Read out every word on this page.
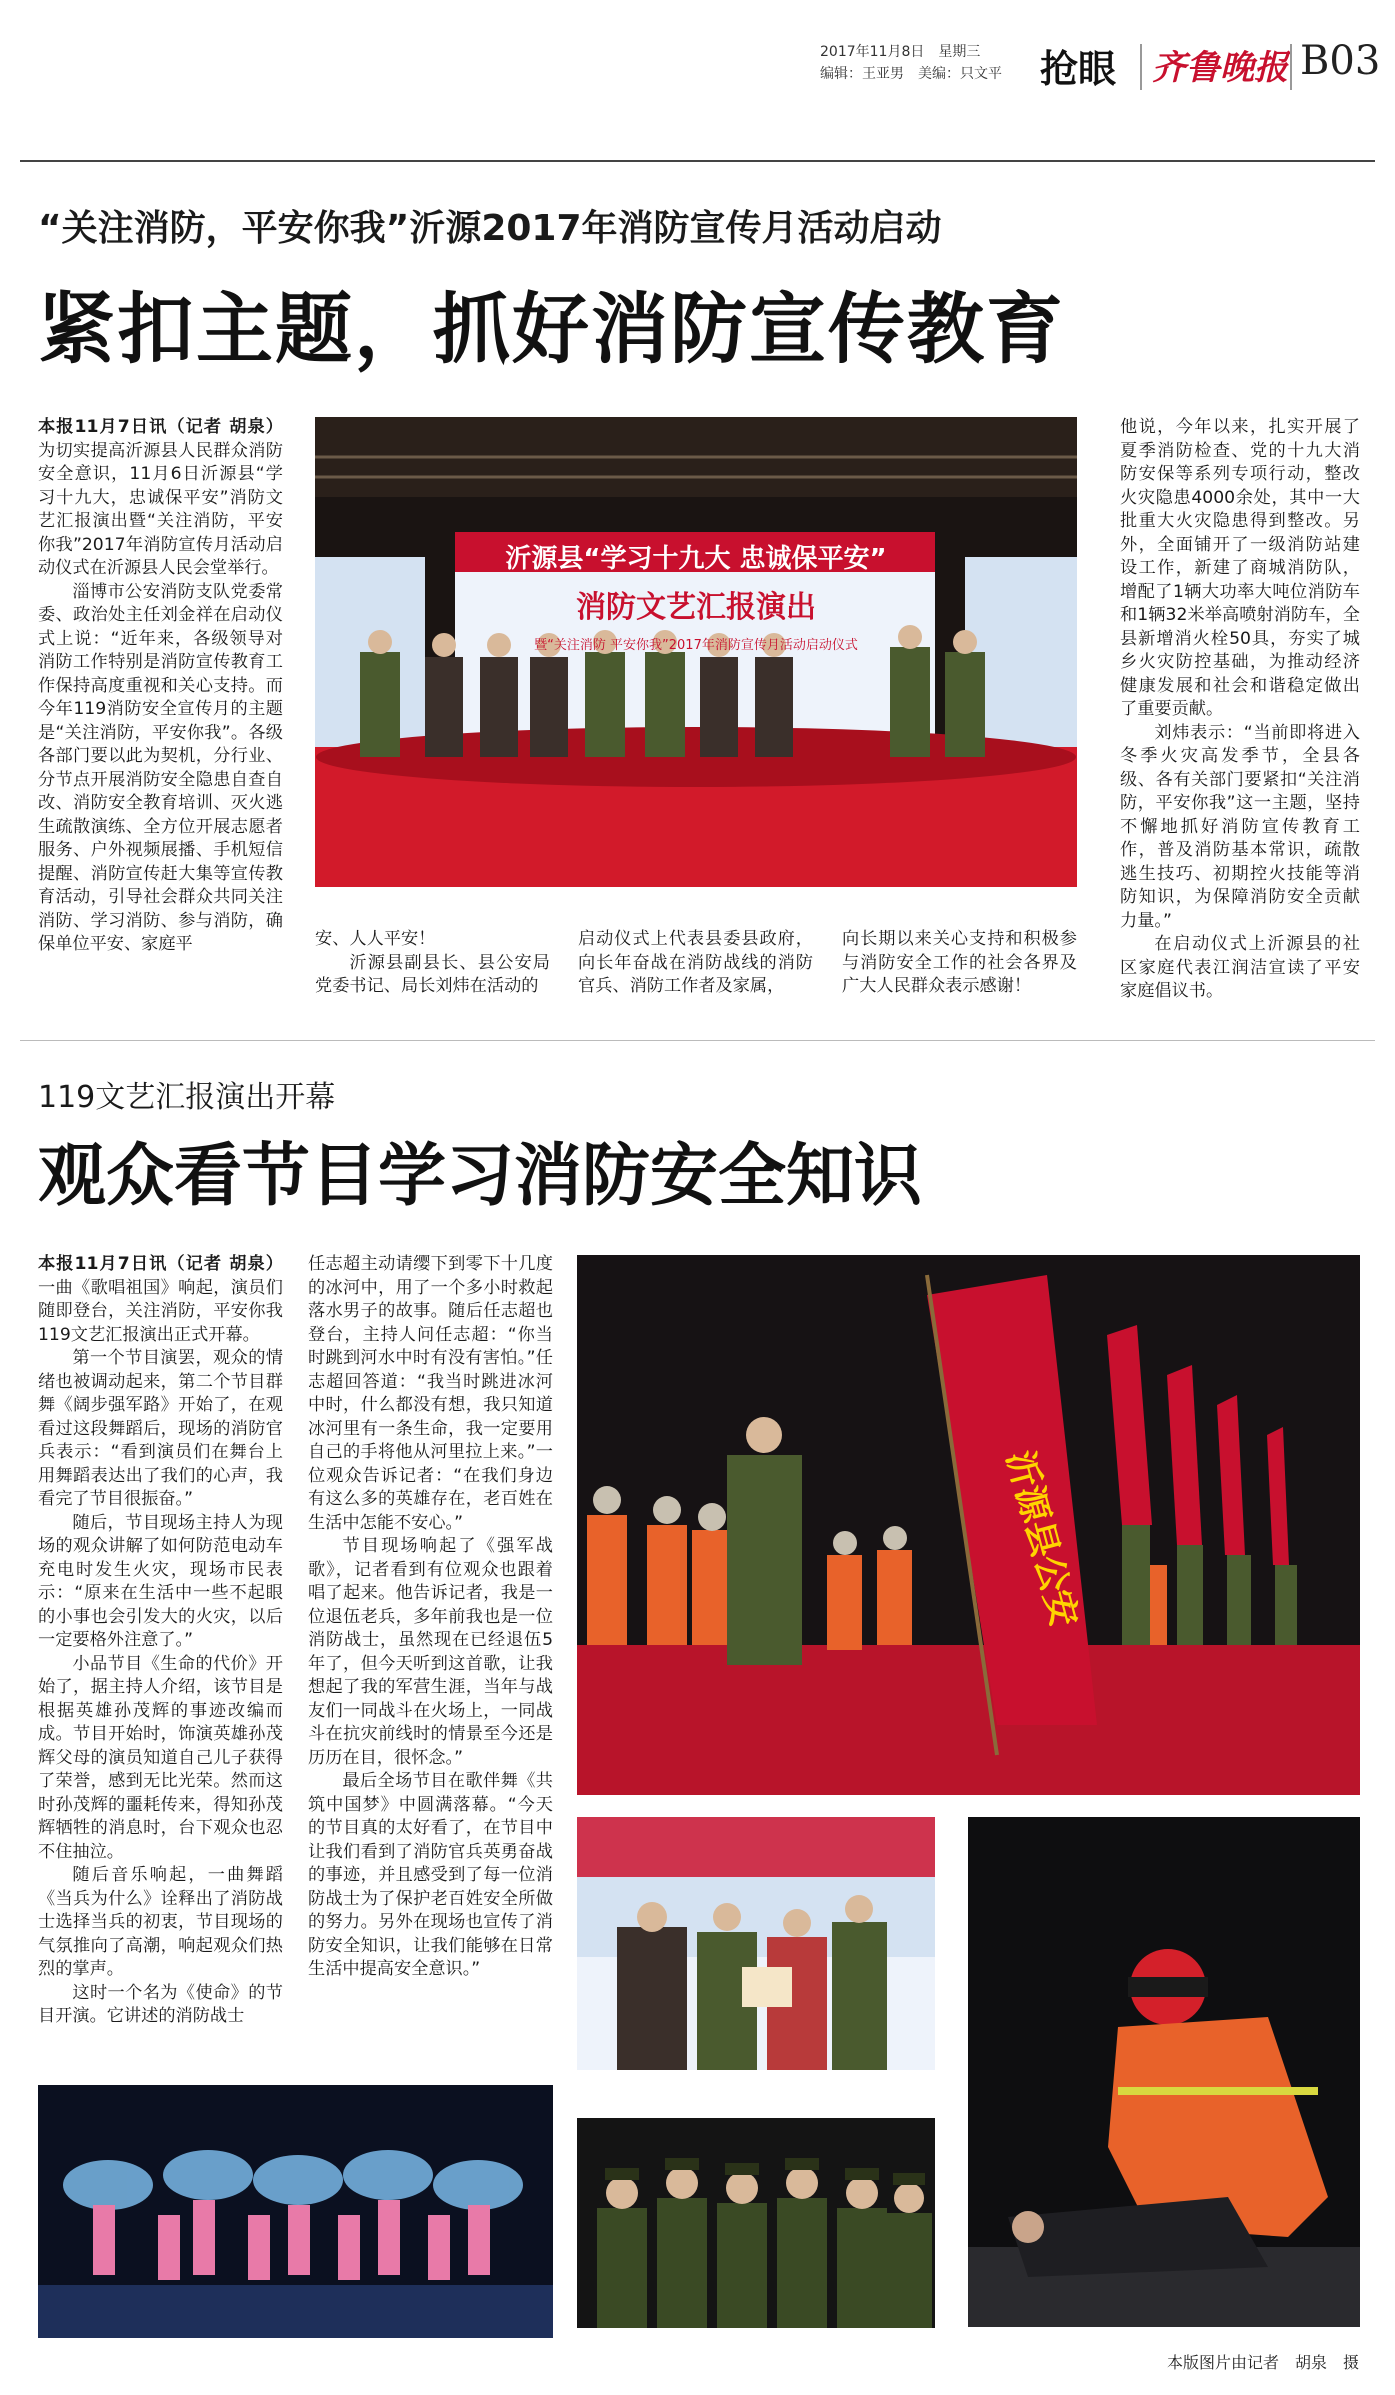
2017年11月8日　星期三
编辑：王亚男　美编：只文平 抢眼 齐鲁晚报 B03
“关注消防，平安你我”沂源2017年消防宣传月活动启动
紧扣主题，抓好消防宣传教育

本报11月7日讯（记者 胡泉）为切实提高沂源县人民群众消防安全意识，11月6日沂源县“学习十九大，忠诚保平安”消防文艺汇报演出暨“关注消防，平安你我”2017年消防宣传月活动启动仪式在沂源县人民会堂举行。

淄博市公安消防支队党委常委、政治处主任刘金祥在启动仪式上说：“近年来，各级领导对消防工作特别是消防宣传教育工作保持高度重视和关心支持。而今年119消防安全宣传月的主题是“关注消防，平安你我”。各级各部门要以此为契机，分行业、分节点开展消防安全隐患自查自改、消防安全教育培训、灭火逃生疏散演练、全方位开展志愿者服务、户外视频展播、手机短信提醒、消防宣传赶大集等宣传教育活动，引导社会群众共同关注消防、学习消防、参与消防，确保单位平安、家庭平

沂源县“学习十九大 忠诚保平安”
消防文艺汇报演出
暨“关注消防 平安你我”2017年消防宣传月活动启动仪式

安、人人平安！

沂源县副县长、县公安局党委书记、局长刘炜在活动的

启动仪式上代表县委县政府，向长年奋战在消防战线的消防官兵、消防工作者及家属，

向长期以来关心支持和积极参与消防安全工作的社会各界及广大人民群众表示感谢！

他说，今年以来，扎实开展了夏季消防检查、党的十九大消防安保等系列专项行动，整改火灾隐患4000余处，其中一大批重大火灾隐患得到整改。另外，全面铺开了一级消防站建设工作，新建了商城消防队，增配了1辆大功率大吨位消防车和1辆32米举高喷射消防车，全县新增消火栓50具，夯实了城乡火灾防控基础，为推动经济健康发展和社会和谐稳定做出了重要贡献。

刘炜表示：“当前即将进入冬季火灾高发季节，全县各级、各有关部门要紧扣“关注消防，平安你我”这一主题，坚持不懈地抓好消防宣传教育工作，普及消防基本常识，疏散逃生技巧、初期控火技能等消防知识，为保障消防安全贡献力量。”

在启动仪式上沂源县的社区家庭代表江润洁宣读了平安家庭倡议书。

119文艺汇报演出开幕
观众看节目学习消防安全知识

本报11月7日讯（记者 胡泉）一曲《歌唱祖国》响起，演员们随即登台，关注消防，平安你我119文艺汇报演出正式开幕。

第一个节目演罢，观众的情绪也被调动起来，第二个节目群舞《阔步强军路》开始了，在观看过这段舞蹈后，现场的消防官兵表示：“看到演员们在舞台上用舞蹈表达出了我们的心声，我看完了节目很振奋。”

随后，节目现场主持人为现场的观众讲解了如何防范电动车充电时发生火灾，现场市民表示：“原来在生活中一些不起眼的小事也会引发大的火灾，以后一定要格外注意了。”

小品节目《生命的代价》开始了，据主持人介绍，该节目是根据英雄孙茂辉的事迹改编而成。节目开始时，饰演英雄孙茂辉父母的演员知道自己儿子获得了荣誉，感到无比光荣。然而这时孙茂辉的噩耗传来，得知孙茂辉牺牲的消息时，台下观众也忍不住抽泣。

随后音乐响起，一曲舞蹈《当兵为什么》诠释出了消防战士选择当兵的初衷，节目现场的气氛推向了高潮，响起观众们热烈的掌声。

这时一个名为《使命》的节目开演。它讲述的消防战士

任志超主动请缨下到零下十几度的冰河中，用了一个多小时救起落水男子的故事。随后任志超也登台，主持人问任志超：“你当时跳到河水中时有没有害怕。”任志超回答道：“我当时跳进冰河中时，什么都没有想，我只知道冰河里有一条生命，我一定要用自己的手将他从河里拉上来。”一位观众告诉记者：“在我们身边有这么多的英雄存在，老百姓在生活中怎能不安心。”

节目现场响起了《强军战歌》，记者看到有位观众也跟着唱了起来。他告诉记者，我是一位退伍老兵，多年前我也是一位消防战士，虽然现在已经退伍5年了，但今天听到这首歌，让我想起了我的军营生涯，当年与战友们一同战斗在火场上，一同战斗在抗灾前线时的情景至今还是历历在目，很怀念。”

最后全场节目在歌伴舞《共筑中国梦》中圆满落幕。“今天的节目真的太好看了，在节目中让我们看到了消防官兵英勇奋战的事迹，并且感受到了每一位消防战士为了保护老百姓安全所做的努力。另外在现场也宣传了消防安全知识，让我们能够在日常生活中提高安全意识。”

沂源县公安
本版图片由记者　胡泉　摄
